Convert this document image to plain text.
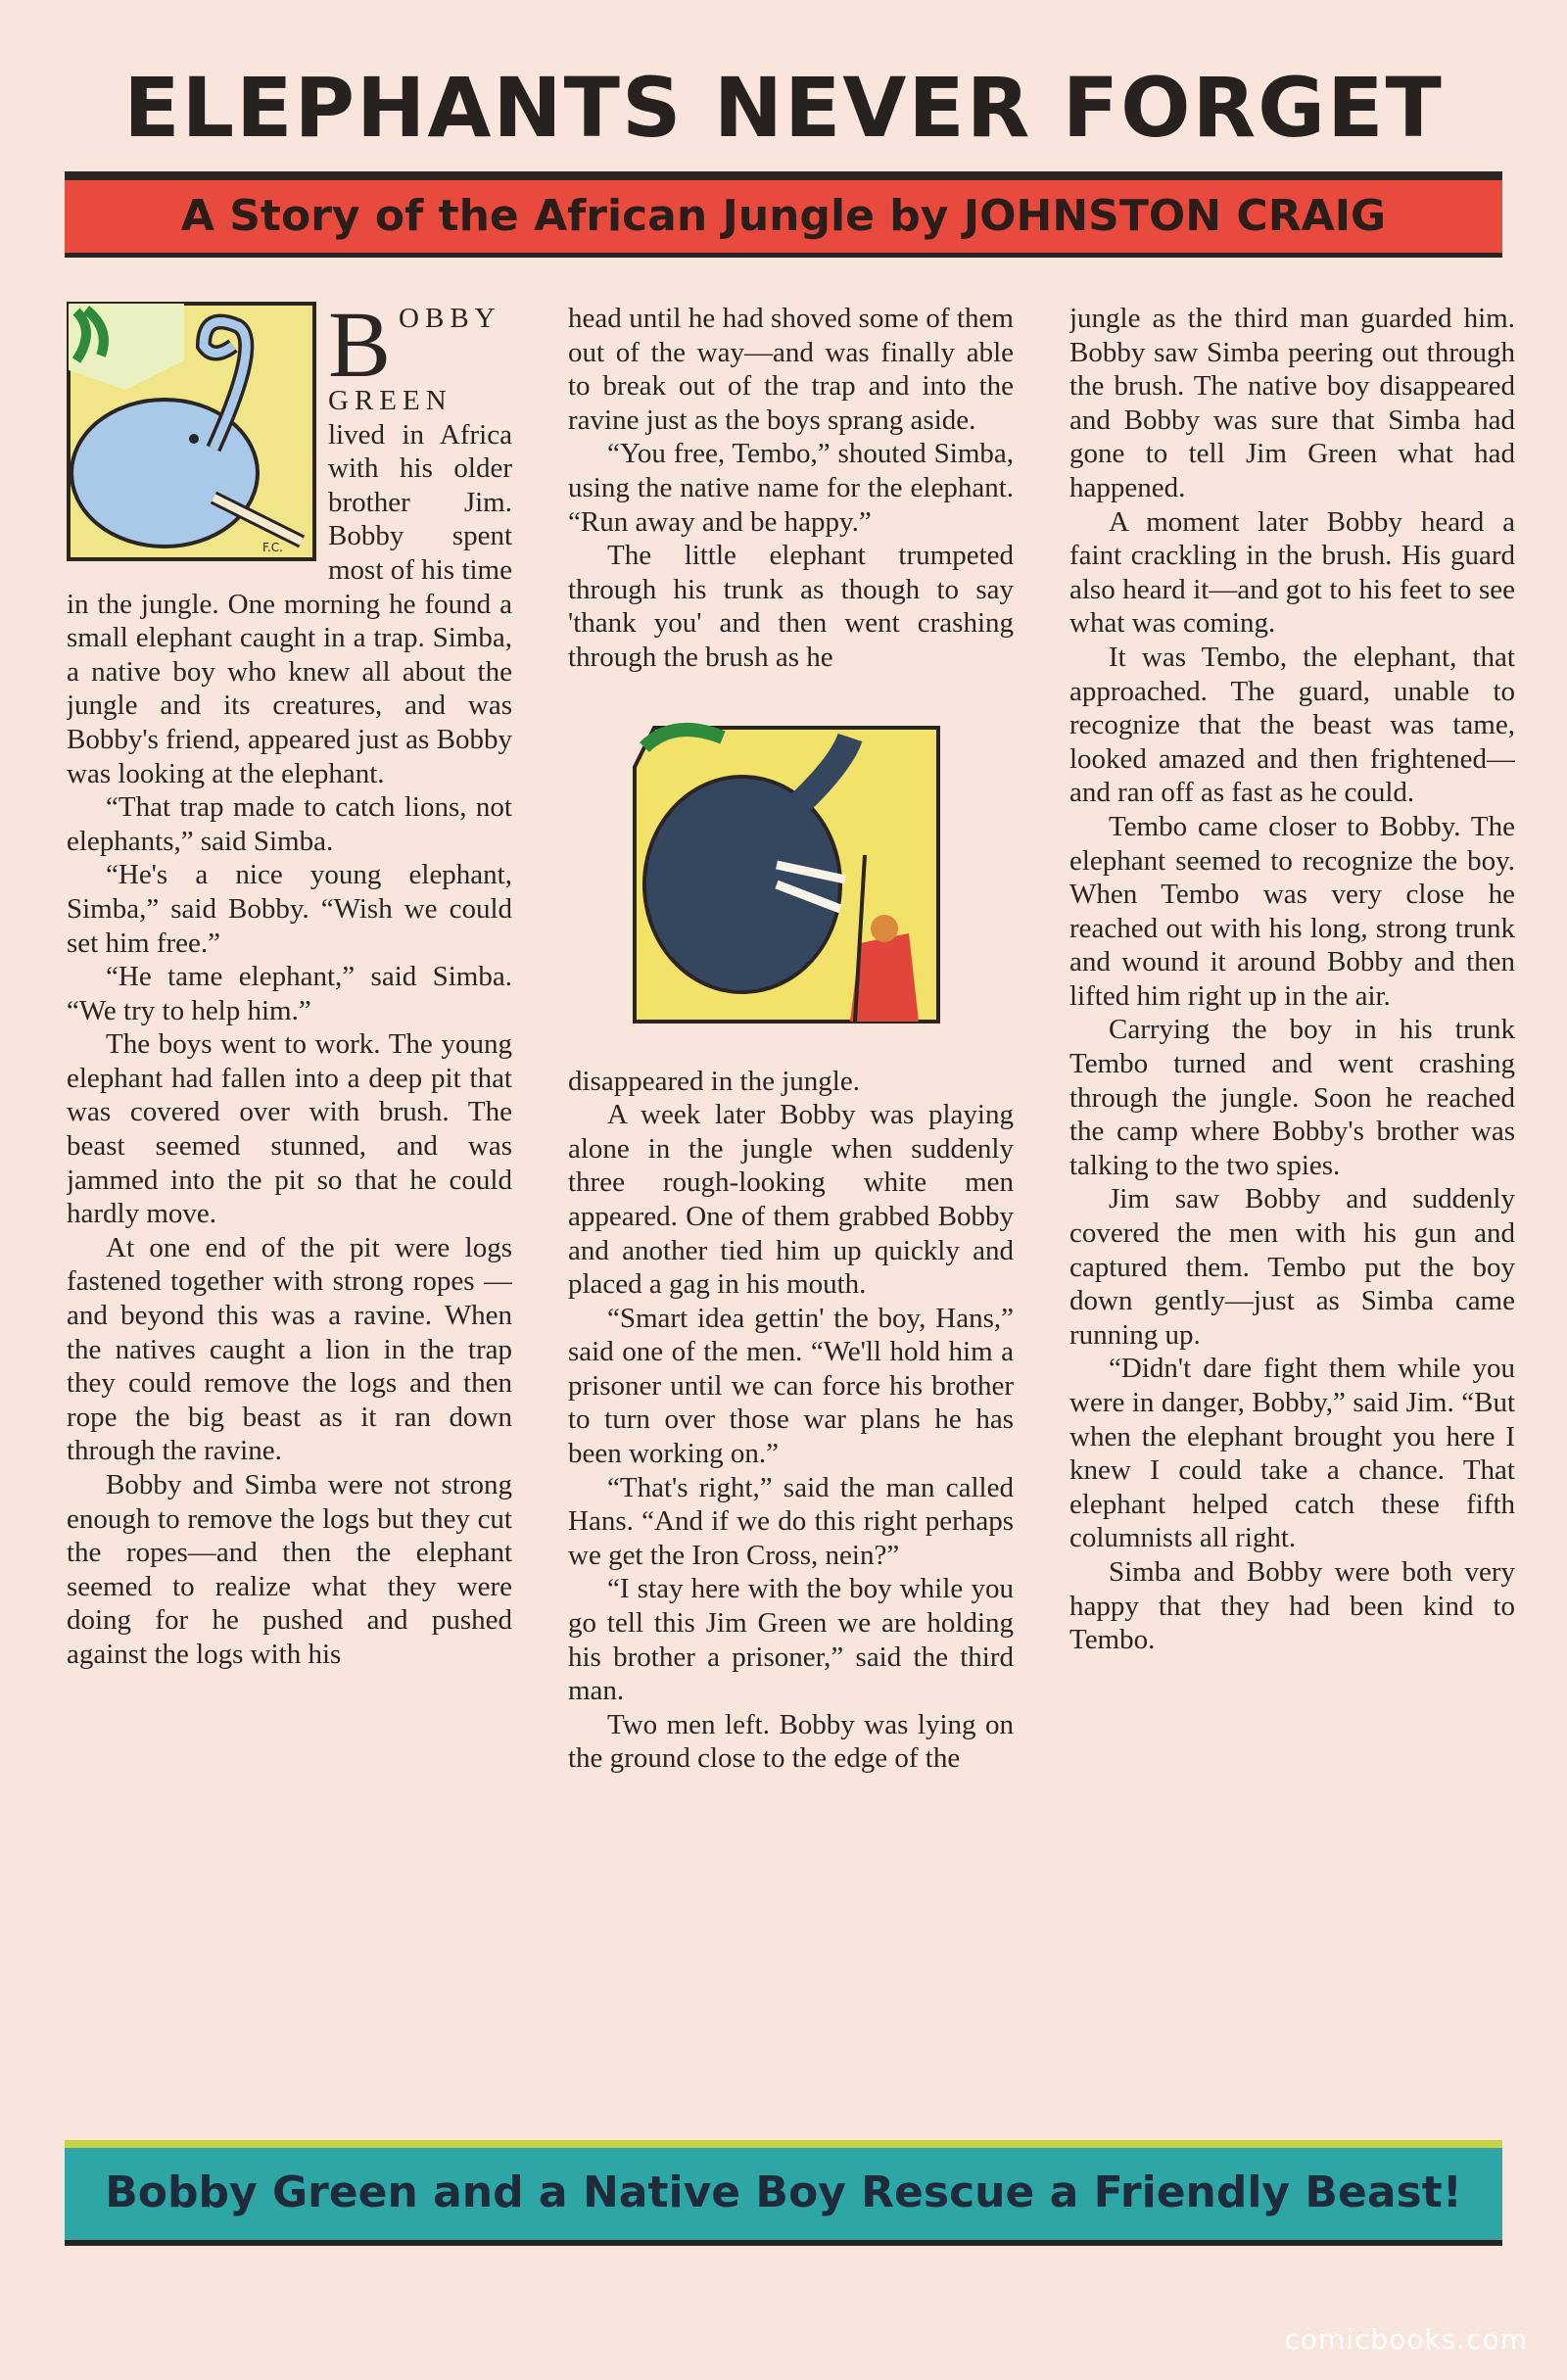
ELEPHANTS NEVER FORGET
A Story of the African Jungle by JOHNSTON CRAIG
F.C.

BOBBY GREEN lived in Africa with his older brother Jim. Bobby spent most of his time in the jungle. One morning he found a small elephant caught in a trap. Simba, a native boy who knew all about the jungle and its creatures, and was Bobby's friend, appeared just as Bobby was looking at the elephant.

“That trap made to catch lions, not elephants,” said Simba.

“He's a nice young elephant, Simba,” said Bobby. “Wish we could set him free.”

“He tame elephant,” said Simba. “We try to help him.”

The boys went to work. The young elephant had fallen into a deep pit that was covered over with brush. The beast seemed stunned, and was jammed into the pit so that he could hardly move.

At one end of the pit were logs fastened together with strong ropes — and beyond this was a ravine. When the natives caught a lion in the trap they could remove the logs and then rope the big beast as it ran down through the ravine.

Bobby and Simba were not strong enough to remove the logs but they cut the ropes—and then the elephant seemed to realize what they were doing for he pushed and pushed against the logs with his

head until he had shoved some of them out of the way—and was finally able to break out of the trap and into the ravine just as the boys sprang aside.

“You free, Tembo,” shouted Simba, using the native name for the elephant. “Run away and be happy.”

The little elephant trumpeted through his trunk as though to say 'thank you' and then went crashing through the brush as he

disappeared in the jungle.

A week later Bobby was playing alone in the jungle when suddenly three rough-looking white men appeared. One of them grabbed Bobby and another tied him up quickly and placed a gag in his mouth.

“Smart idea gettin' the boy, Hans,” said one of the men. “We'll hold him a prisoner until we can force his brother to turn over those war plans he has been working on.”

“That's right,” said the man called Hans. “And if we do this right perhaps we get the Iron Cross, nein?”

“I stay here with the boy while you go tell this Jim Green we are holding his brother a prisoner,” said the third man.

Two men left. Bobby was lying on the ground close to the edge of the

jungle as the third man guarded him. Bobby saw Simba peering out through the brush. The native boy disappeared and Bobby was sure that Simba had gone to tell Jim Green what had happened.

A moment later Bobby heard a faint crackling in the brush. His guard also heard it—and got to his feet to see what was coming.

It was Tembo, the elephant, that approached. The guard, unable to recognize that the beast was tame, looked amazed and then frightened—and ran off as fast as he could.

Tembo came closer to Bobby. The elephant seemed to recognize the boy. When Tembo was very close he reached out with his long, strong trunk and wound it around Bobby and then lifted him right up in the air.

Carrying the boy in his trunk Tembo turned and went crashing through the jungle. Soon he reached the camp where Bobby's brother was talking to the two spies.

Jim saw Bobby and suddenly covered the men with his gun and captured them. Tembo put the boy down gently—just as Simba came running up.

“Didn't dare fight them while you were in danger, Bobby,” said Jim. “But when the elephant brought you here I knew I could take a chance. That elephant helped catch these fifth columnists all right.

Simba and Bobby were both very happy that they had been kind to Tembo.

Bobby Green and a Native Boy Rescue a Friendly Beast!
comicbooks.com
